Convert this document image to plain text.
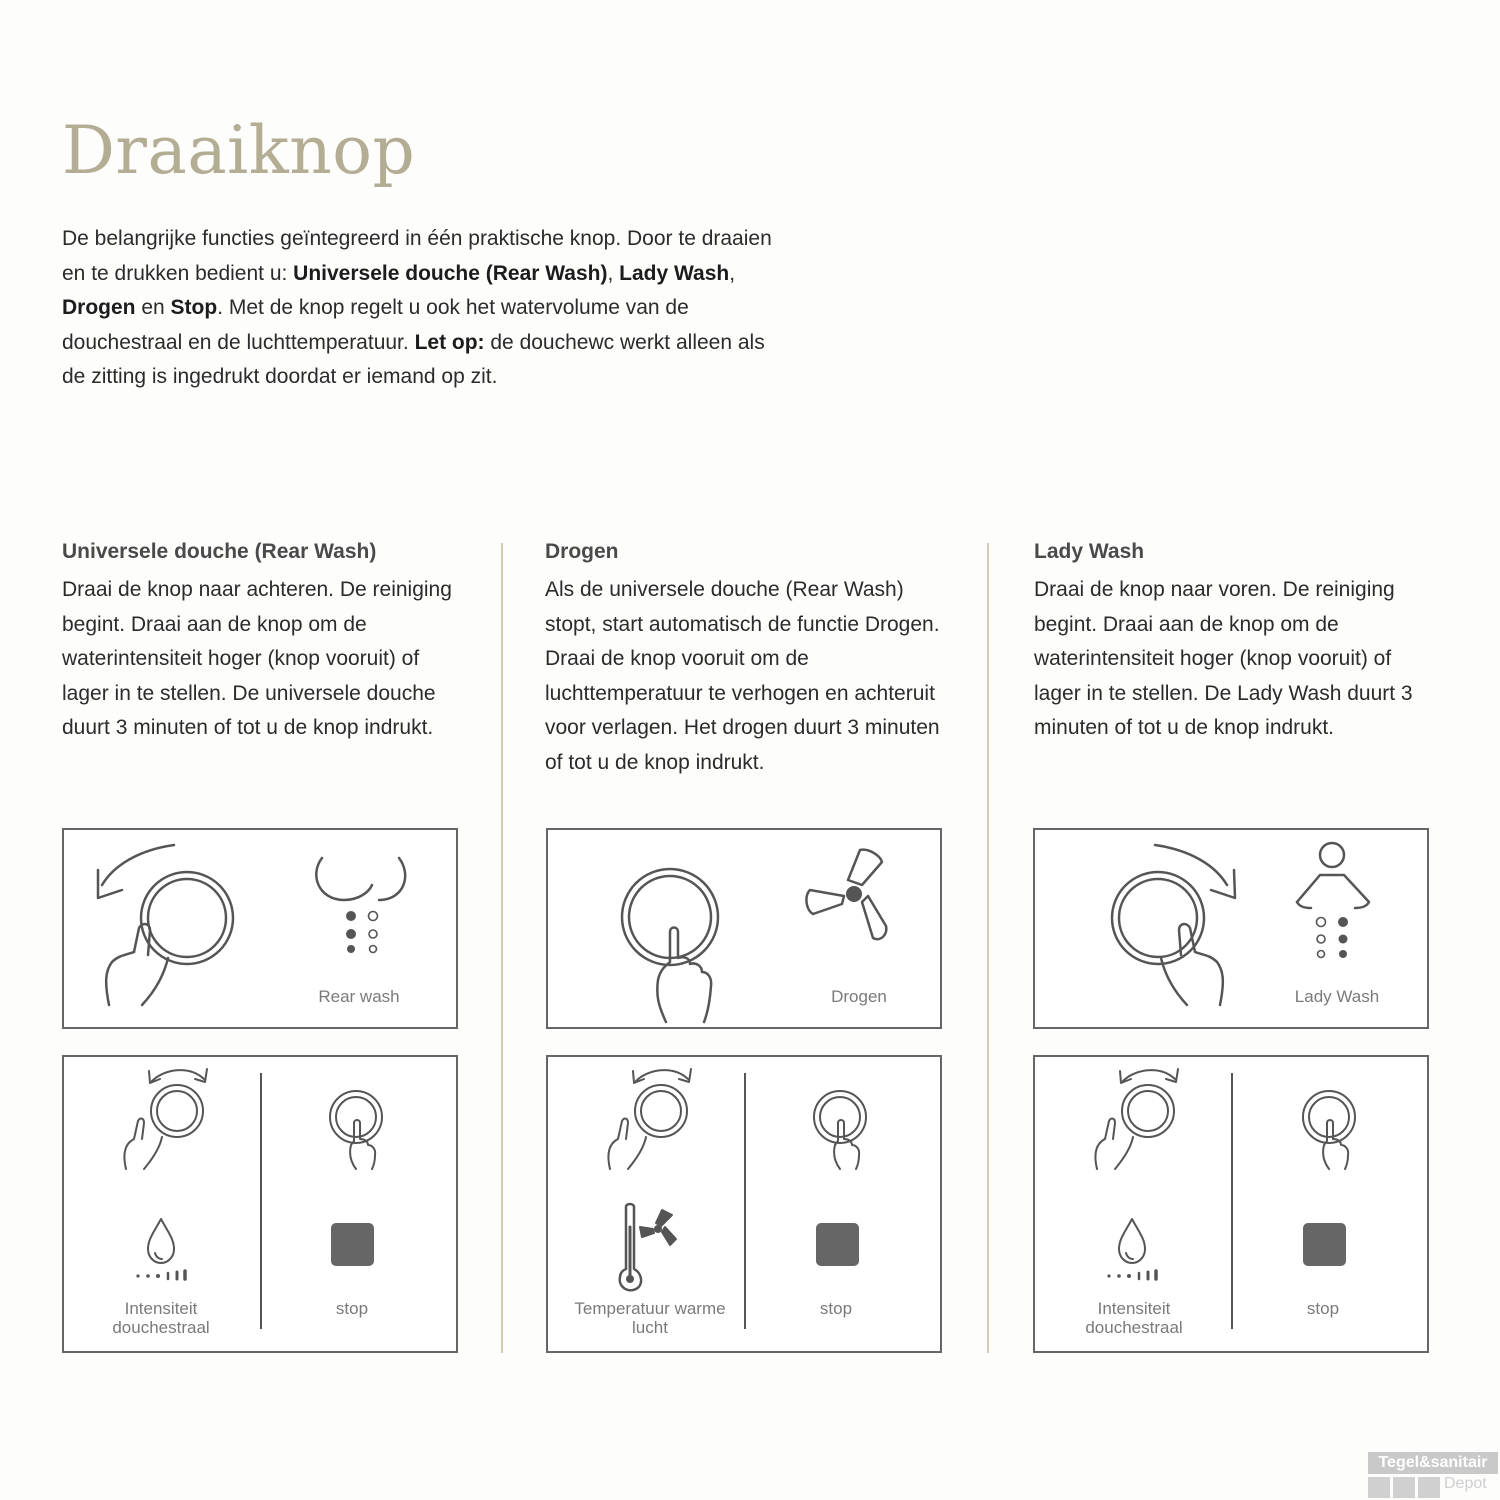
Draaiknop

De belangrijke functies geïntegreerd in één praktische knop. Door te draaien en te drukken bedient u: Universele douche (Rear Wash), Lady Wash, Drogen en Stop. Met de knop regelt u ook het watervolume van de douchestraal en de luchttemperatuur. Let op: de douchewc werkt alleen als de zitting is ingedrukt doordat er iemand op zit.

Universele douche (Rear Wash)

Draai de knop naar achteren. De reiniging begint. Draai aan de knop om de waterintensiteit hoger (knop vooruit) of lager in te stellen. De universele douche duurt 3 minuten of tot u de knop indrukt.

Drogen

Als de universele douche (Rear Wash) stopt, start automatisch de functie Drogen. Draai de knop vooruit om de luchttemperatuur te verhogen en achteruit voor verlagen. Het drogen duurt 3 minuten of tot u de knop indrukt.

Lady Wash

Draai de knop naar voren. De reiniging begint. Draai aan de knop om de waterintensiteit hoger (knop vooruit) of lager in te stellen. De Lady Wash duurt 3 minuten of tot u de knop indrukt.

Rear wash	Drogen	Lady Wash
Intensiteit douchestraal
stop	Temperatuur warme lucht
stop	Intensiteit douchestraal
stop
Tegel&sanitair
Depot
